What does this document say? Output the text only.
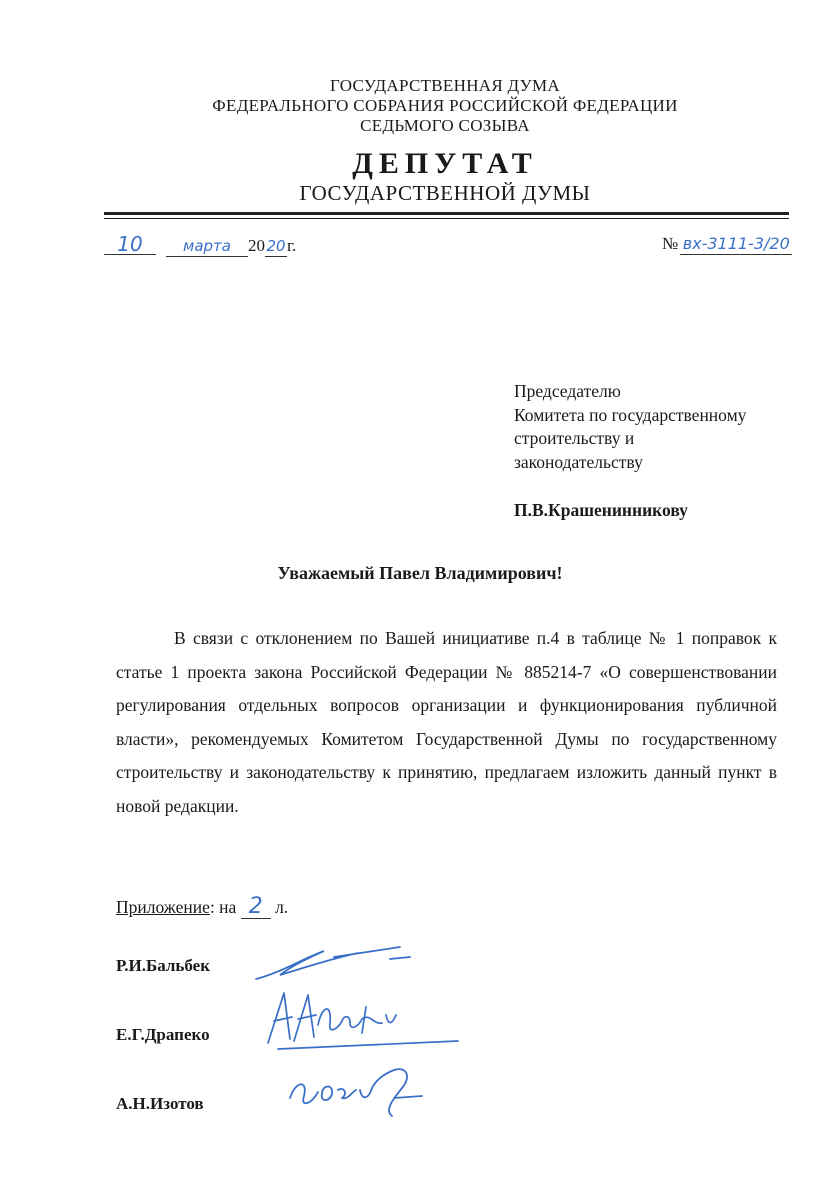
ГОСУДАРСТВЕННАЯ ДУМА
ФЕДЕРАЛЬНОГО СОБРАНИЯ РОССИЙСКОЙ ФЕДЕРАЦИИ
СЕДЬМОГО СОЗЫВА
ДЕПУТАТ
ГОСУДАРСТВЕННОЙ ДУМЫ
10	марта 2020г.	№ вх-3111-3/20
Председателю
Комитета по государственному
строительству и
законодательству
П.В.Крашенинникову
Уважаемый Павел Владимирович!
В связи с отклонением по Вашей инициативе п.4 в таблице № 1 поправок к статье 1 проекта закона Российской Федерации № 885214-7 «О совершенствовании регулирования отдельных вопросов организации и функционирования публичной власти», рекомендуемых Комитетом Государственной Думы по государственному строительству и законодательству к принятию, предлагаем изложить данный пункт в новой редакции.
Приложение: на 2 л.
Р.И.Бальбек
Е.Г.Драпеко
А.Н.Изотов
